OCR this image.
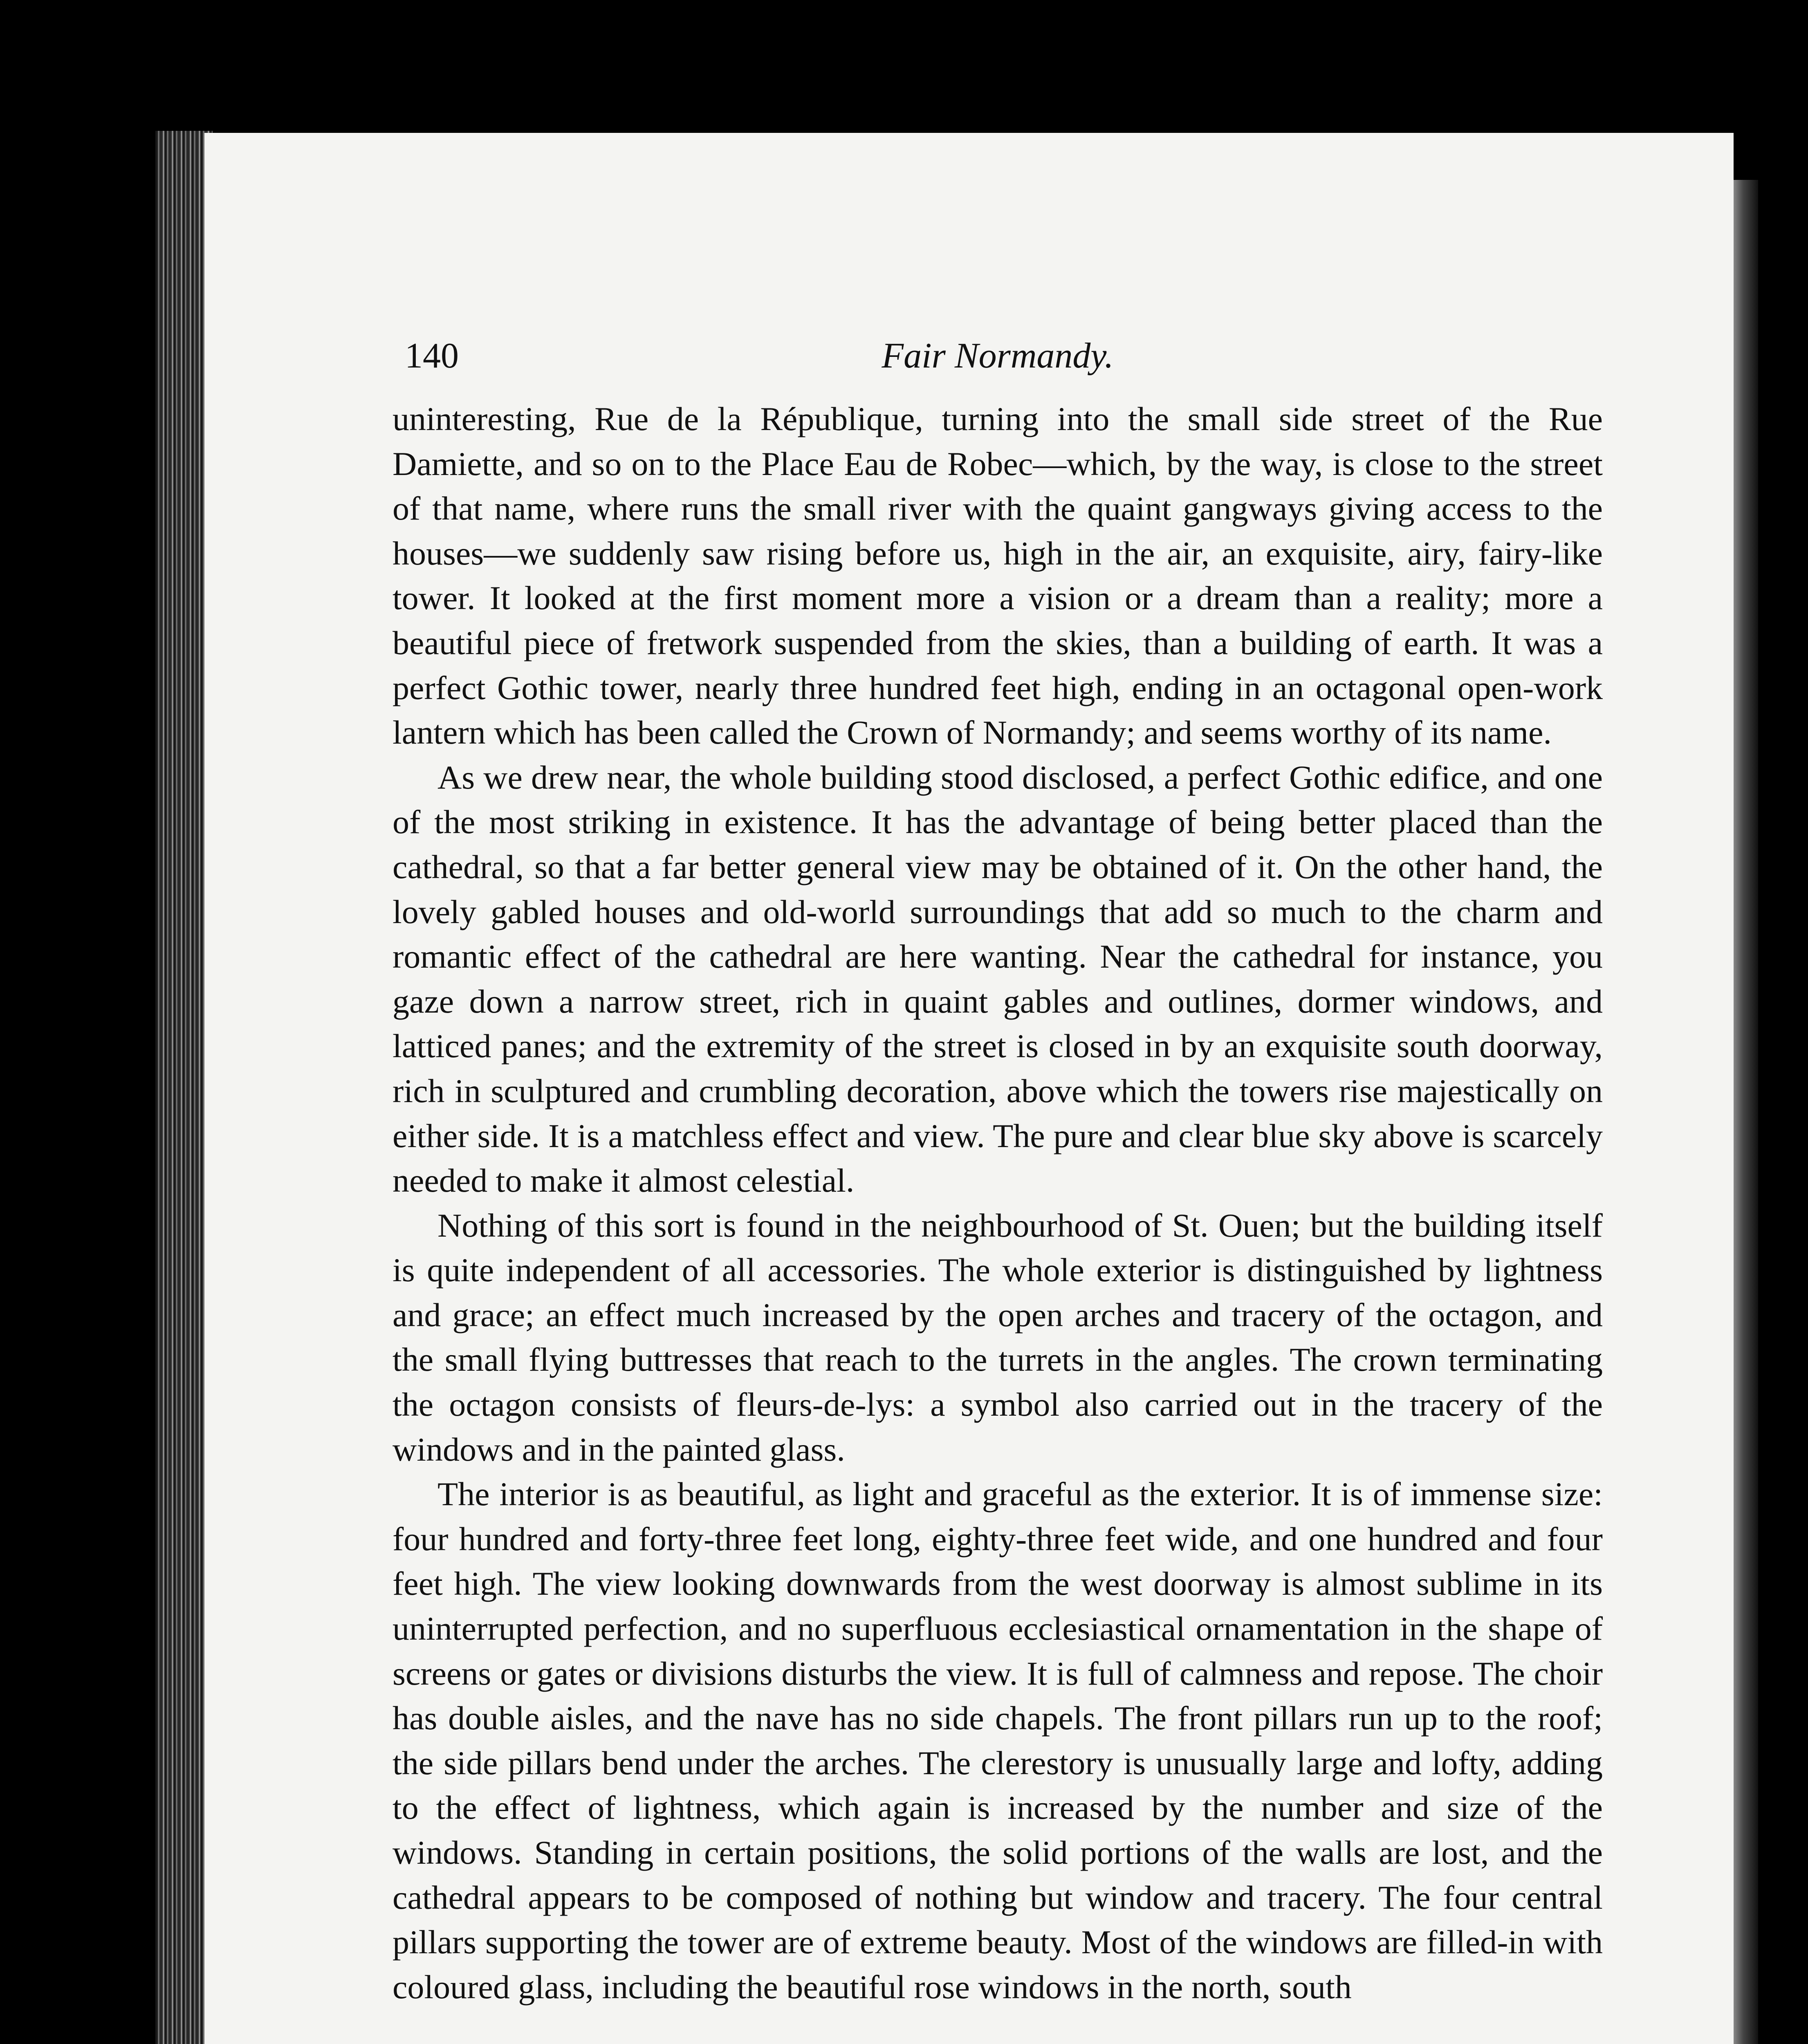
140	Fair Normandy.

uninteresting, Rue de la République, turning into the small side street of the Rue Damiette, and so on to the Place Eau de Robec—which, by the way, is close to the street of that name, where runs the small river with the quaint gangways giving access to the houses—we suddenly saw rising before us, high in the air, an exquisite, airy, fairy-like tower. It looked at the first moment more a vision or a dream than a reality; more a beautiful piece of fretwork suspended from the skies, than a building of earth. It was a perfect Gothic tower, nearly three hundred feet high, ending in an octagonal open-work lantern which has been called the Crown of Normandy; and seems worthy of its name.

As we drew near, the whole building stood disclosed, a perfect Gothic edifice, and one of the most striking in existence. It has the advantage of being better placed than the cathedral, so that a far better general view may be obtained of it. On the other hand, the lovely gabled houses and old-world surroundings that add so much to the charm and romantic effect of the cathedral are here wanting. Near the cathedral for instance, you gaze down a narrow street, rich in quaint gables and outlines, dormer windows, and latticed panes; and the extremity of the street is closed in by an exquisite south doorway, rich in sculptured and crumbling decoration, above which the towers rise majestically on either side. It is a matchless effect and view. The pure and clear blue sky above is scarcely needed to make it almost celestial.

Nothing of this sort is found in the neighbourhood of St. Ouen; but the building itself is quite independent of all accessories. The whole exterior is distinguished by lightness and grace; an effect much increased by the open arches and tracery of the octagon, and the small flying buttresses that reach to the turrets in the angles. The crown terminating the octagon consists of fleurs-de-lys: a symbol also carried out in the tracery of the windows and in the painted glass.

The interior is as beautiful, as light and graceful as the exterior. It is of immense size: four hundred and forty-three feet long, eighty-three feet wide, and one hundred and four feet high. The view looking downwards from the west doorway is almost sublime in its uninterrupted perfection, and no superfluous ecclesiastical ornamentation in the shape of screens or gates or divisions disturbs the view. It is full of calmness and repose. The choir has double aisles, and the nave has no side chapels. The front pillars run up to the roof; the side pillars bend under the arches. The clerestory is unusually large and lofty, adding to the effect of lightness, which again is increased by the number and size of the windows. Standing in certain positions, the solid portions of the walls are lost, and the cathedral appears to be composed of nothing but window and tracery. The four central pillars supporting the tower are of extreme beauty. Most of the windows are filled-in with coloured glass, including the beautiful rose windows in the north, south
